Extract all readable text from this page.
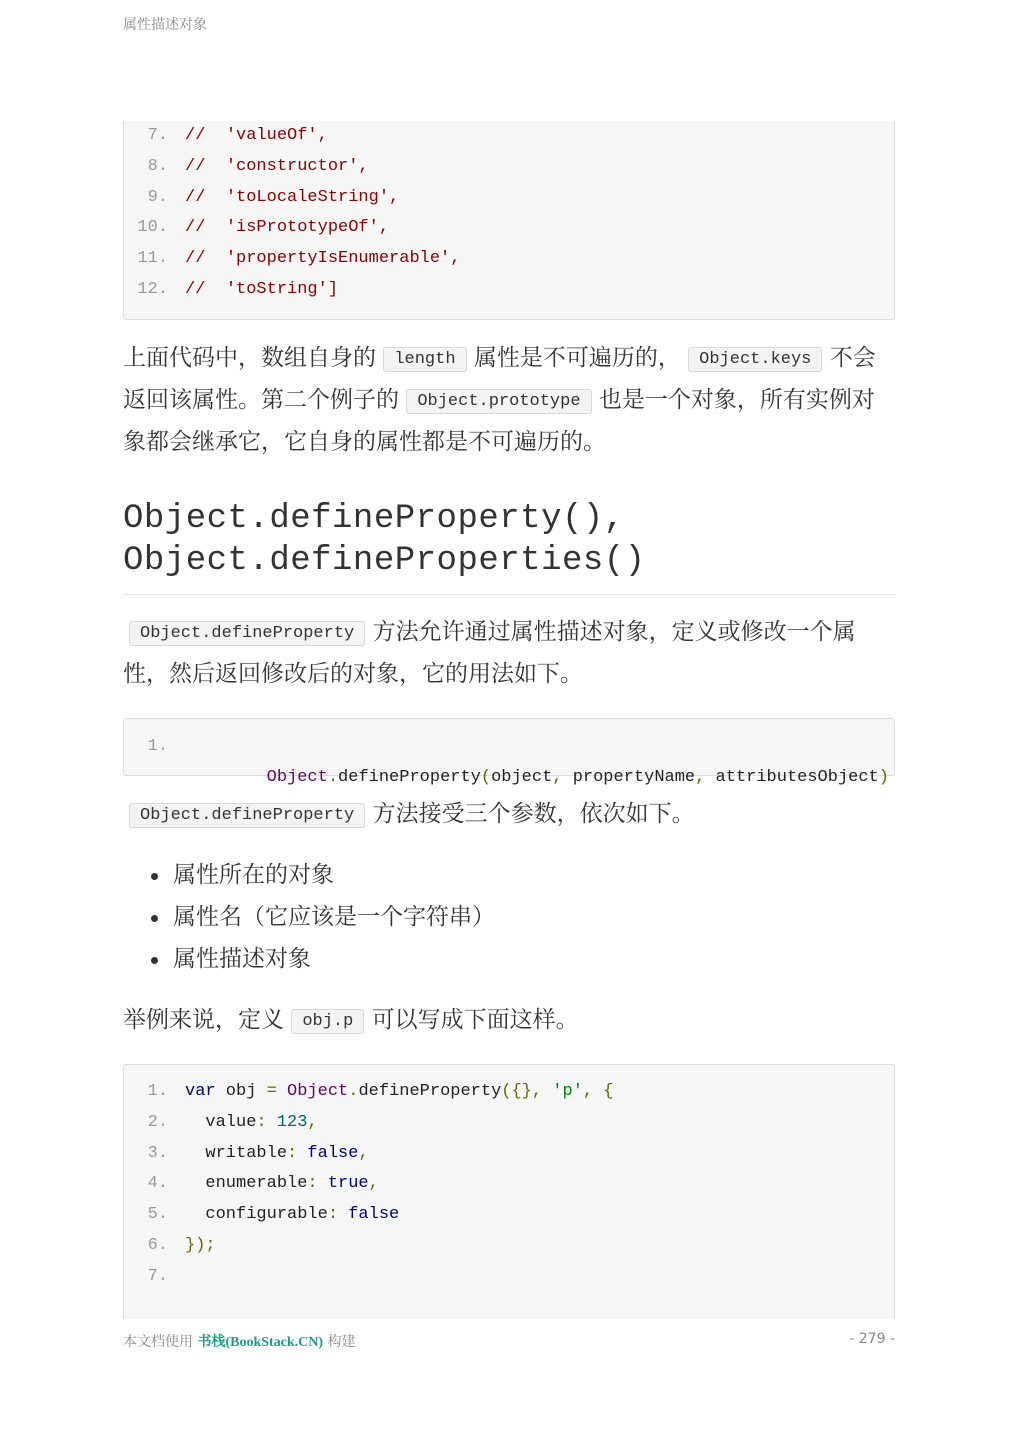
属性描述对象
7.	// 'valueOf',
8.	// 'constructor',
9.	// 'toLocaleString',
10.	// 'isPrototypeOf',
11.	// 'propertyIsEnumerable',
12.	// 'toString']

上面代码中，数组自身的 length 属性是不可遍历的， Object.keys 不会返回该属性。第二个例子的 Object.prototype 也是一个对象，所有实例对象都会继承它，它自身的属性都是不可遍历的。

Object.defineProperty(),
Object.defineProperties()

Object.defineProperty 方法允许通过属性描述对象，定义或修改一个属性，然后返回修改后的对象，它的用法如下。

1.

Object.defineProperty(object, propertyName, attributesObject)

Object.defineProperty 方法接受三个参数，依次如下。

属性所在的对象
属性名（它应该是一个字符串）
属性描述对象

举例来说，定义 obj.p 可以写成下面这样。

1.	var obj = Object.defineProperty({}, 'p', {
2.	value: 123,
3.	writable: false,
4.	enumerable: true,
5.	configurable: false
6.	});
7.
本文档使用 书栈(BookStack.CN) 构建	- 279 -
